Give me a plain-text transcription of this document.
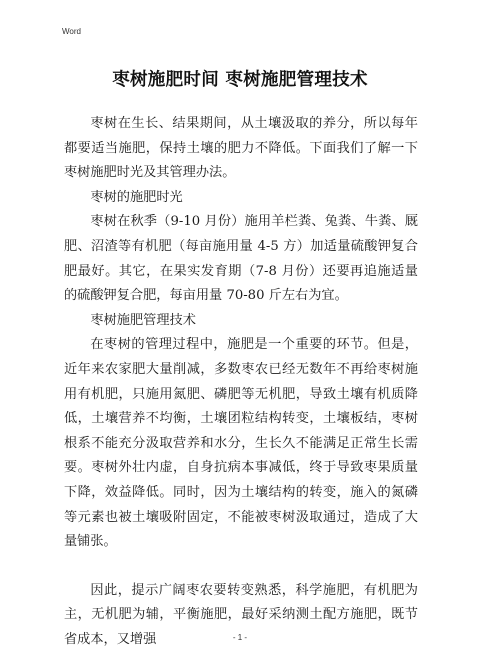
Word
枣树施肥时间 枣树施肥管理技术

枣树在生长、结果期间，从土壤汲取的养分，所以每年都要适当施肥，保持土壤的肥力不降低。下面我们了解一下枣树施肥时光及其管理办法。

枣树的施肥时光

枣树在秋季（9-10 月份）施用羊栏粪、兔粪、牛粪、厩肥、沼渣等有机肥（每亩施用量 4-5 方）加适量硫酸钾复合肥最好。其它，在果实发育期（7-8 月份）还要再追施适量的硫酸钾复合肥，每亩用量 70-80 斤左右为宜。

枣树施肥管理技术

在枣树的管理过程中，施肥是一个重要的环节。但是，近年来农家肥大量削减，多数枣农已经无数年不再给枣树施用有机肥，只施用氮肥、磷肥等无机肥，导致土壤有机质降低，土壤营养不均衡，土壤团粒结构转变，土壤板结，枣树根系不能充分汲取营养和水分，生长久不能满足正常生长需要。枣树外壮内虚，自身抗病本事减低，终于导致枣果质量下降，效益降低。同时，因为土壤结构的转变，施入的氮磷等元素也被土壤吸附固定，不能被枣树汲取通过，造成了大量铺张。

因此，提示广阔枣农要转变熟悉，科学施肥，有机肥为主，无机肥为辅，平衡施肥，最好采纳测土配方施肥，既节省成本，又增强	- 1 -
